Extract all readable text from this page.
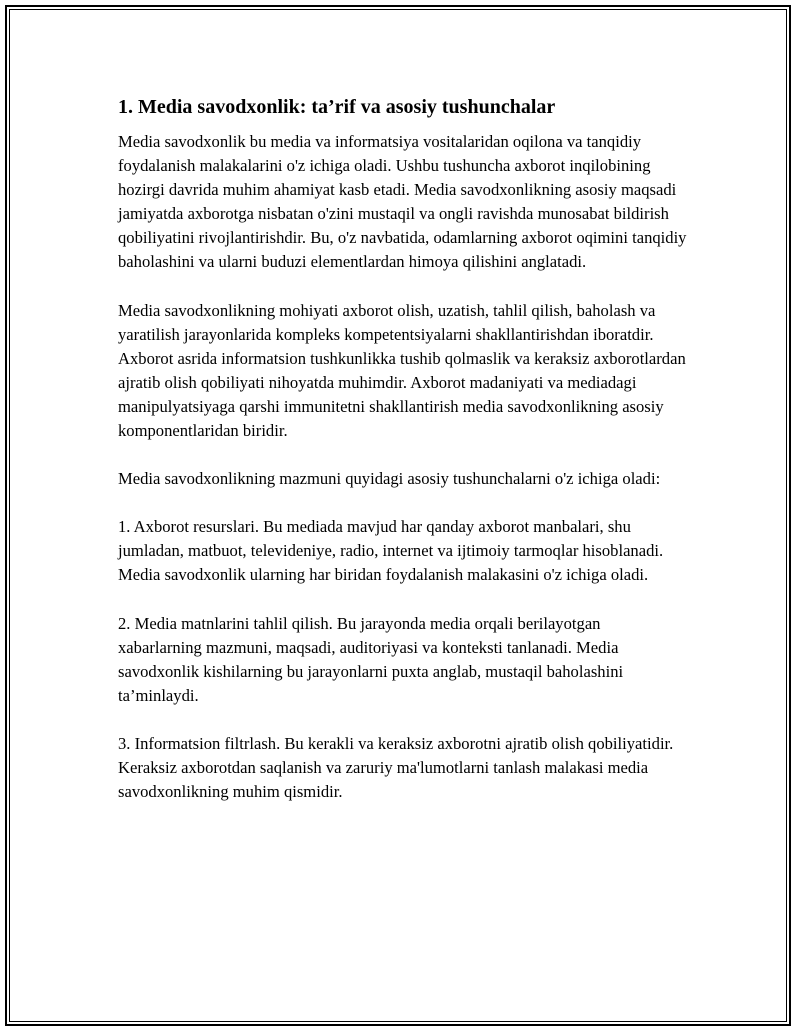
1. Media savodxonlik: ta’rif va asosiy tushunchalar

Media savodxonlik bu media va informatsiya vositalaridan oqilona va tanqidiy foydalanish malakalarini o'z ichiga oladi. Ushbu tushuncha axborot inqilobining hozirgi davrida muhim ahamiyat kasb etadi. Media savodxonlikning asosiy maqsadi jamiyatda axborotga nisbatan o'zini mustaqil va ongli ravishda munosabat bildirish qobiliyatini rivojlantirishdir. Bu, o'z navbatida, odamlarning axborot oqimini tanqidiy baholashini va ularni buduzi elementlardan himoya qilishini anglatadi.

Media savodxonlikning mohiyati axborot olish, uzatish, tahlil qilish, baholash va yaratilish jarayonlarida kompleks kompetentsiyalarni shakllantirishdan iboratdir. Axborot asrida informatsion tushkunlikka tushib qolmaslik va keraksiz axborotlardan ajratib olish qobiliyati nihoyatda muhimdir. Axborot madaniyati va mediadagi manipulyatsiyaga qarshi immunitetni shakllantirish media savodxonlikning asosiy komponentlaridan biridir.

Media savodxonlikning mazmuni quyidagi asosiy tushunchalarni o'z ichiga oladi:

1. Axborot resurslari. Bu mediada mavjud har qanday axborot manbalari, shu jumladan, matbuot, televideniye, radio, internet va ijtimoiy tarmoqlar hisoblanadi. Media savodxonlik ularning har biridan foydalanish malakasini o'z ichiga oladi.

2. Media matnlarini tahlil qilish. Bu jarayonda media orqali berilayotgan xabarlarning mazmuni, maqsadi, auditoriyasi va konteksti tanlanadi. Media savodxonlik kishilarning bu jarayonlarni puxta anglab, mustaqil baholashini ta’minlaydi.

3. Informatsion filtrlash. Bu kerakli va keraksiz axborotni ajratib olish qobiliyatidir. Keraksiz axborotdan saqlanish va zaruriy ma'lumotlarni tanlash malakasi media savodxonlikning muhim qismidir.
